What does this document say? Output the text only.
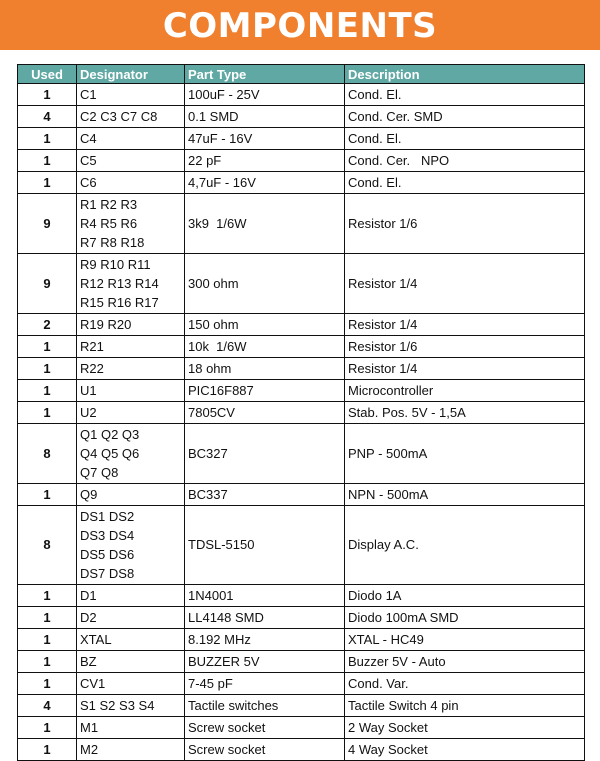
COMPONENTS
Used	Designator	Part Type	Description
1	C1	100uF - 25V	Cond. El.
4	C2 C3 C7 C8	0.1 SMD	Cond. Cer. SMD
1	C4	47uF - 16V	Cond. El.
1	C5	22 pF	Cond. Cer.   NPO
1	C6	4,7uF - 16V	Cond. El.
9	R1 R2 R3
R4 R5 R6
R7 R8 R18	3k9  1/6W	Resistor 1/6
9	R9 R10 R11
R12 R13 R14
R15 R16 R17	300 ohm	Resistor 1/4
2	R19 R20	150 ohm	Resistor 1/4
1	R21	10k  1/6W	Resistor 1/6
1	R22	18 ohm	Resistor 1/4
1	U1	PIC16F887	Microcontroller
1	U2	7805CV	Stab. Pos. 5V - 1,5A
8	Q1 Q2 Q3
Q4 Q5 Q6
Q7 Q8	BC327	PNP - 500mA
1	Q9	BC337	NPN - 500mA
8	DS1 DS2
DS3 DS4
DS5 DS6
DS7 DS8	TDSL-5150	Display A.C.
1	D1	1N4001	Diodo 1A
1	D2	LL4148 SMD	Diodo 100mA SMD
1	XTAL	8.192 MHz	XTAL - HC49
1	BZ	BUZZER 5V	Buzzer 5V - Auto
1	CV1	7-45 pF	Cond. Var.
4	S1 S2 S3 S4	Tactile switches	Tactile Switch 4 pin
1	M1	Screw socket	2 Way Socket
1	M2	Screw socket	4 Way Socket
